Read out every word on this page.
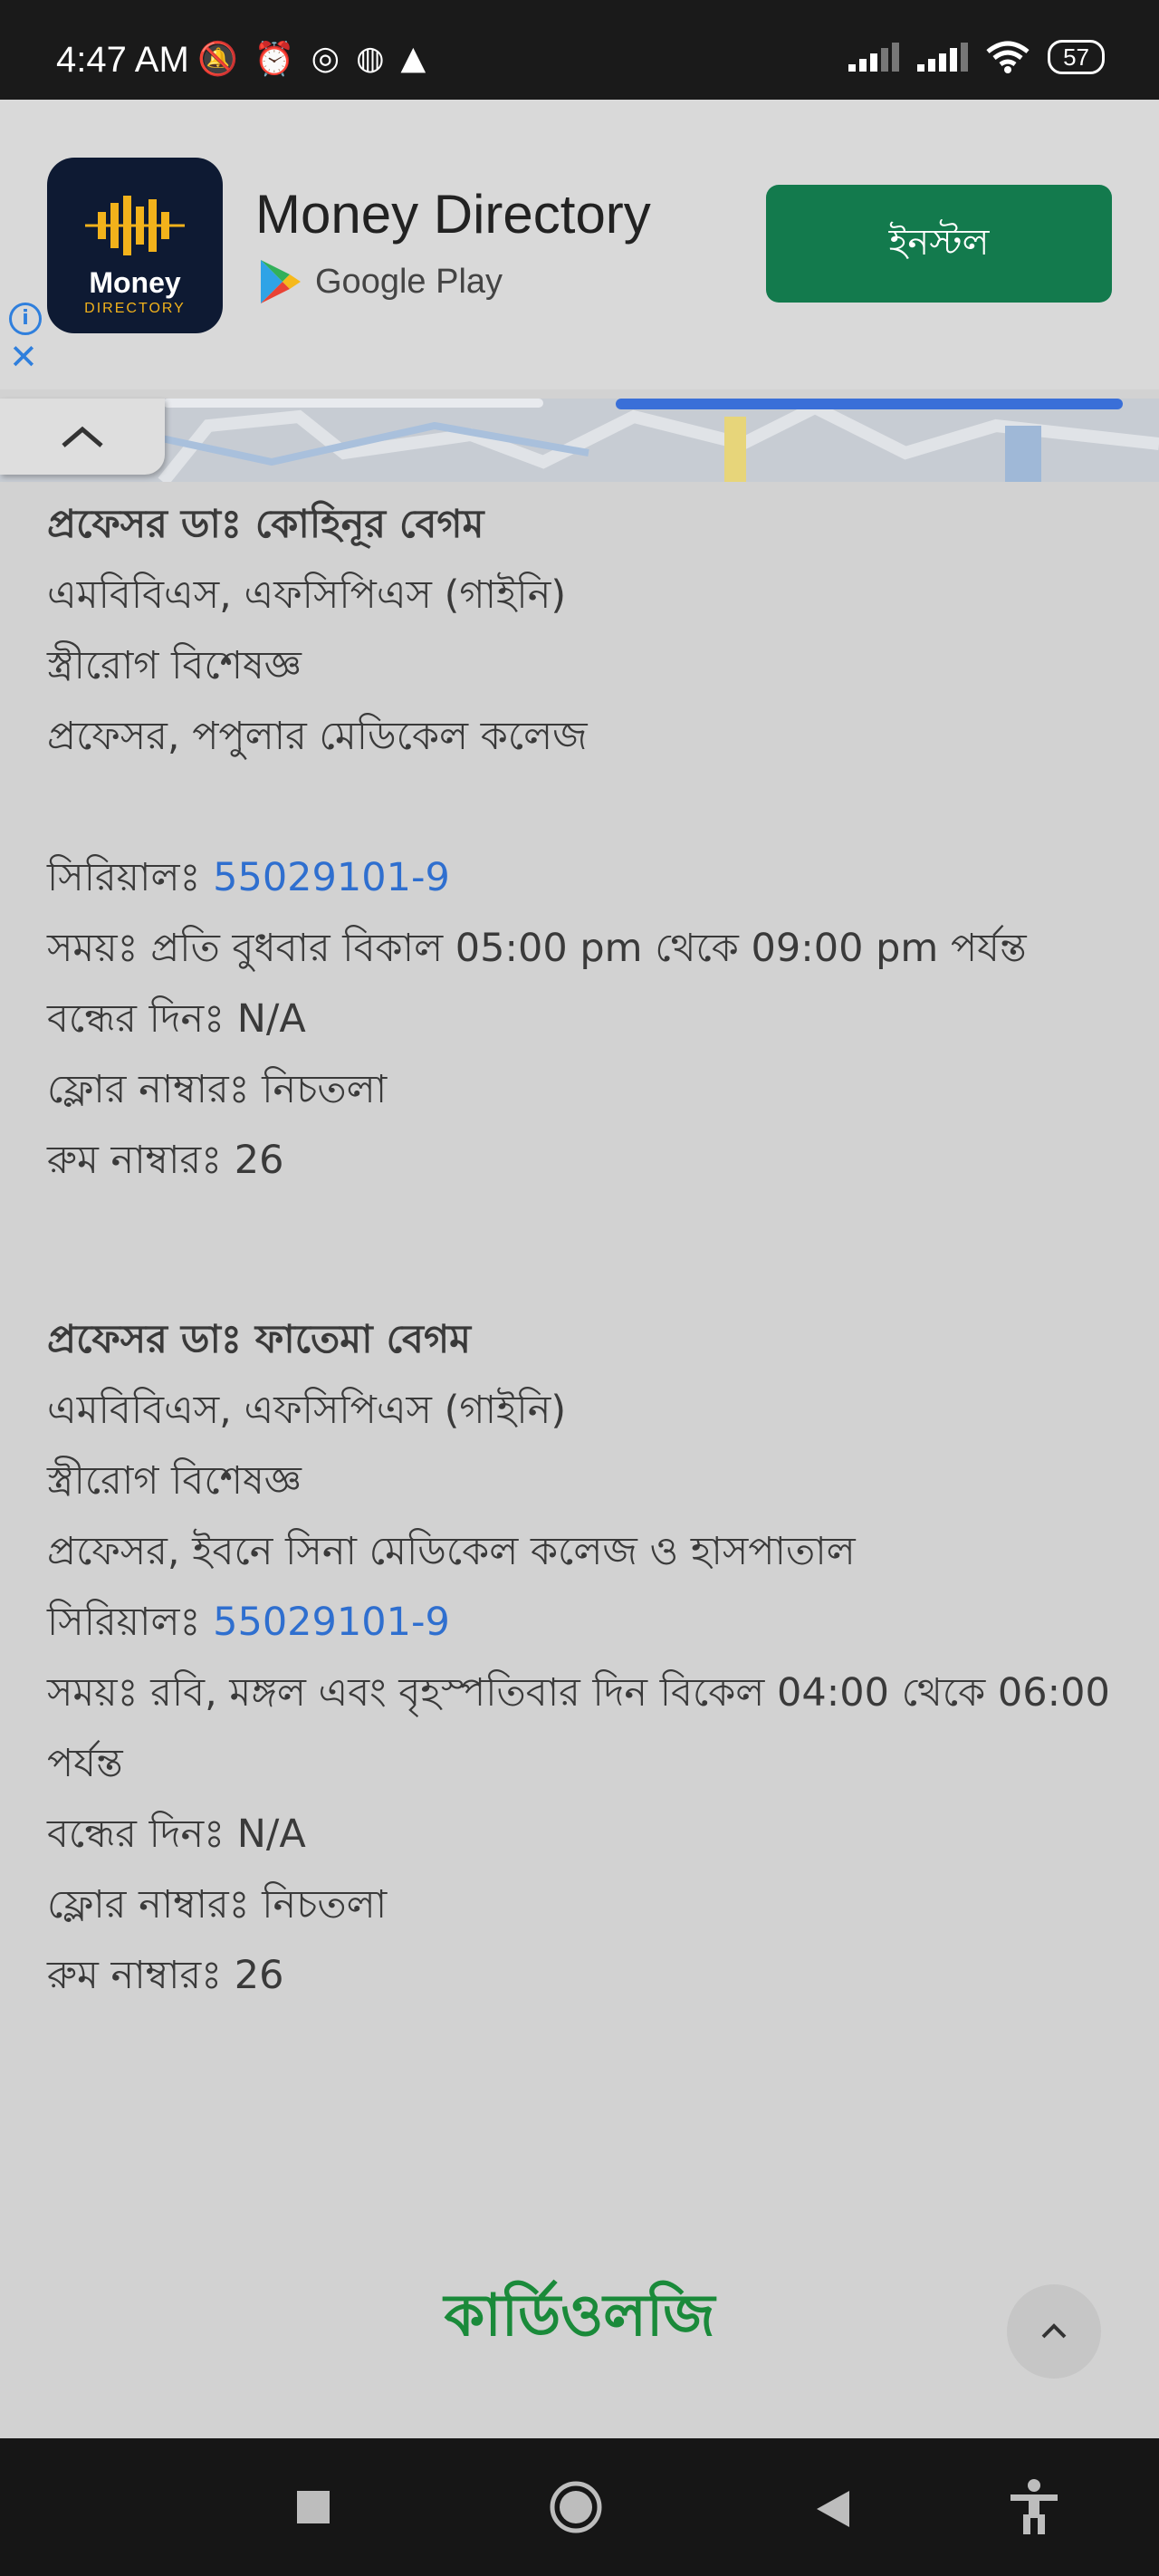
4:47 AM 🔕 ⏰ ◎ ◍ ▲	57
Money
DIRECTORY
Money Directory
Google Play
ইনস্টল
i
✕
প্রফেসর ডাঃ কোহিনূর বেগম
এমবিবিএস, এফসিপিএস (গাইনি)
স্ত্রীরোগ বিশেষজ্ঞ
প্রফেসর, পপুলার মেডিকেল কলেজ
সিরিয়ালঃ 55029101-9
সময়ঃ প্রতি বুধবার বিকাল 05:00 pm থেকে 09:00 pm পর্যন্ত
বন্ধের দিনঃ N/A
ফ্লোর নাম্বারঃ নিচতলা
রুম নাম্বারঃ 26
প্রফেসর ডাঃ ফাতেমা বেগম
এমবিবিএস, এফসিপিএস (গাইনি)
স্ত্রীরোগ বিশেষজ্ঞ
প্রফেসর, ইবনে সিনা মেডিকেল কলেজ ও হাসপাতাল
সিরিয়ালঃ 55029101-9
সময়ঃ রবি, মঙ্গল এবং বৃহস্পতিবার দিন বিকেল 04:00 থেকে 06:00 পর্যন্ত
বন্ধের দিনঃ N/A
ফ্লোর নাম্বারঃ নিচতলা
রুম নাম্বারঃ 26
কার্ডিওলজি
